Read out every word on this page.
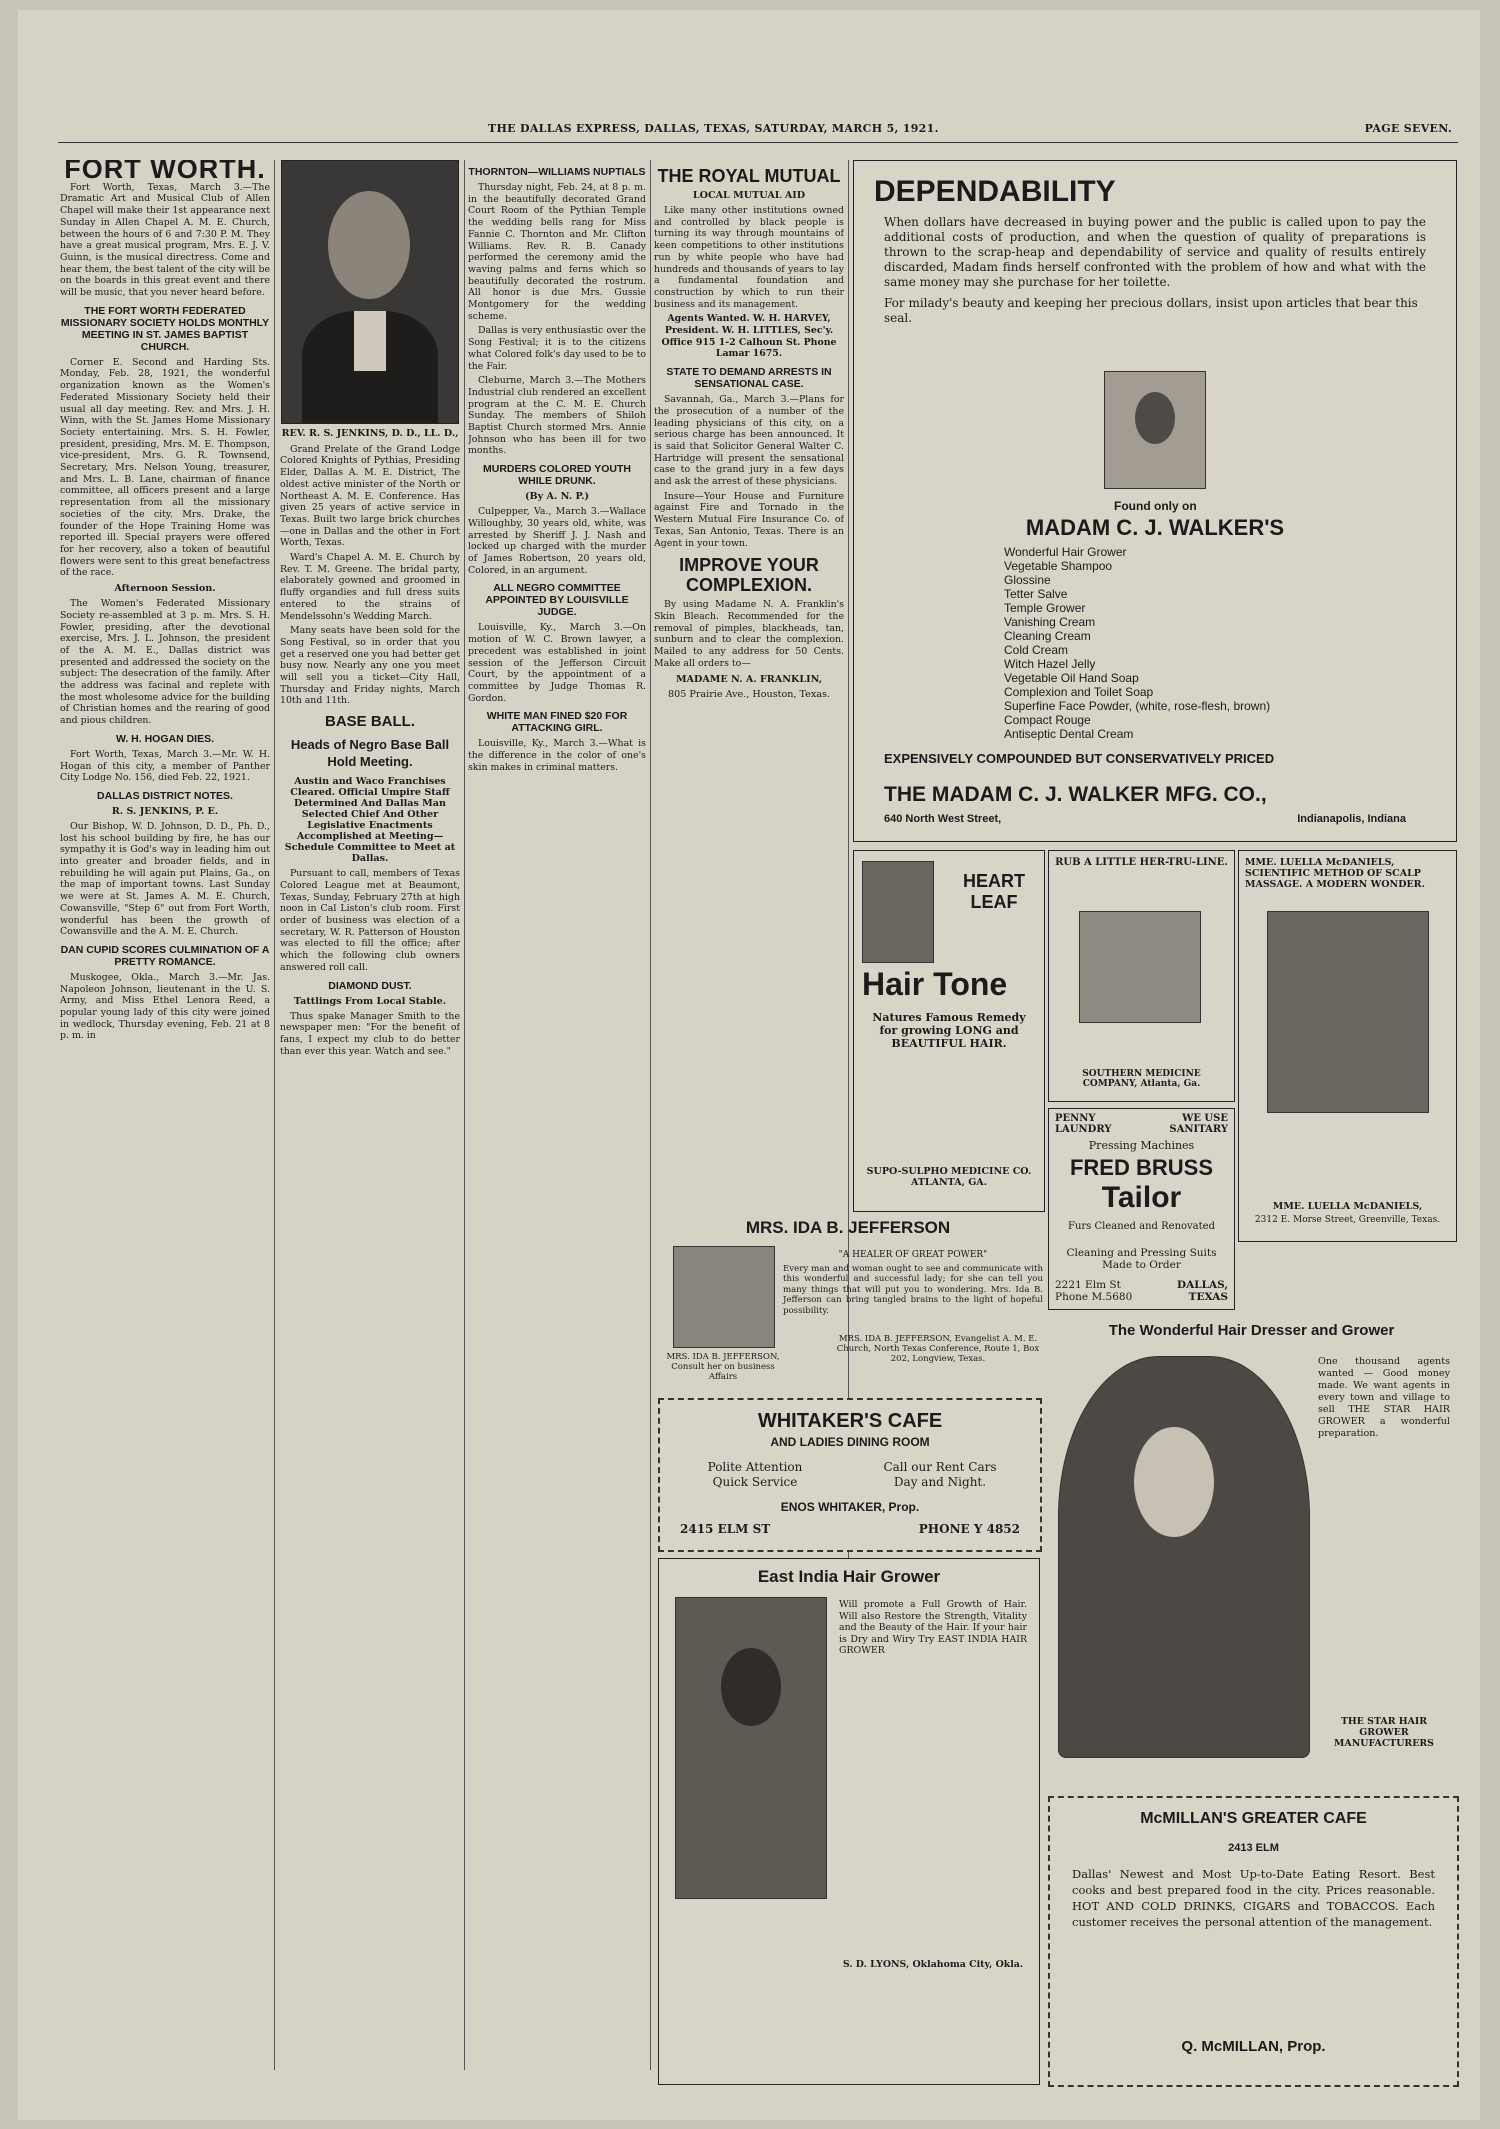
THE DALLAS EXPRESS, DALLAS, TEXAS, SATURDAY, MARCH 5, 1921.	PAGE SEVEN.
FORT WORTH.

Fort Worth, Texas, March 3.—The Dramatic Art and Musical Club of Allen Chapel will make their 1st appearance next Sunday in Allen Chapel A. M. E. Church, between the hours of 6 and 7:30 P. M. They have a great musical program, Mrs. E. J. V. Guinn, is the musical directress. Come and hear them, the best talent of the city will be on the boards in this great event and there will be music, that you never heard before.

THE FORT WORTH FEDERATED MISSIONARY SOCIETY HOLDS MONTHLY MEETING IN ST. JAMES BAPTIST CHURCH.

Corner E. Second and Harding Sts. Monday, Feb. 28, 1921, the wonderful organization known as the Women's Federated Missionary Society held their usual all day meeting. Rev. and Mrs. J. H. Winn, with the St. James Home Missionary Society entertaining. Mrs. S. H. Fowler, president, presiding, Mrs. M. E. Thompson, vice-president, Mrs. G. R. Townsend, Secretary, Mrs. Nelson Young, treasurer, and Mrs. L. B. Lane, chairman of finance committee, all officers present and a large representation from all the missionary societies of the city. Mrs. Drake, the founder of the Hope Training Home was reported ill. Special prayers were offered for her recovery, also a token of beautiful flowers were sent to this great benefactress of the race.

Afternoon Session.

The Women's Federated Missionary Society re-assembled at 3 p. m. Mrs. S. H. Fowler, presiding, after the devotional exercise, Mrs. J. L. Johnson, the president of the A. M. E., Dallas district was presented and addressed the society on the subject: The desecration of the family. After the address was facinal and replete with the most wholesome advice for the building of Christian homes and the rearing of good and pious children.

W. H. HOGAN DIES.

Fort Worth, Texas, March 3.—Mr. W. H. Hogan of this city, a member of Panther City Lodge No. 156, died Feb. 22, 1921.

DALLAS DISTRICT NOTES.
R. S. JENKINS, P. E.

Our Bishop, W. D. Johnson, D. D., Ph. D., lost his school building by fire, he has our sympathy it is God's way in leading him out into greater and broader fields, and in rebuilding he will again put Plains, Ga., on the map of important towns. Last Sunday we were at St. James A. M. E. Church, Cowansville, "Step 6" out from Fort Worth, wonderful has been the growth of Cowansville and the A. M. E. Church.

DAN CUPID SCORES CULMINATION OF A PRETTY ROMANCE.

Muskogee, Okla., March 3.—Mr. Jas. Napoleon Johnson, lieutenant in the U. S. Army, and Miss Ethel Lenora Reed, a popular young lady of this city were joined in wedlock, Thursday evening, Feb. 21 at 8 p. m. in

REV. R. S. JENKINS, D. D., LL. D.,

Grand Prelate of the Grand Lodge Colored Knights of Pythias, Presiding Elder, Dallas A. M. E. District, The oldest active minister of the North or Northeast A. M. E. Conference. Has given 25 years of active service in Texas. Built two large brick churches—one in Dallas and the other in Fort Worth, Texas.

Ward's Chapel A. M. E. Church by Rev. T. M. Greene. The bridal party, elaborately gowned and groomed in fluffy organdies and full dress suits entered to the strains of Mendelssohn's Wedding March.

Many seats have been sold for the Song Festival, so in order that you get a reserved one you had better get busy now. Nearly any one you meet will sell you a ticket—City Hall, Thursday and Friday nights, March 10th and 11th.

BASE BALL.
Heads of Negro Base Ball Hold Meeting.
Austin and Waco Franchises Cleared. Official Umpire Staff Determined And Dallas Man Selected Chief And Other Legislative Enactments Accomplished at Meeting—Schedule Committee to Meet at Dallas.

Pursuant to call, members of Texas Colored League met at Beaumont, Texas, Sunday, February 27th at high noon in Cal Liston's club room. First order of business was election of a secretary, W. R. Patterson of Houston was elected to fill the office; after which the following club owners answered roll call.

DIAMOND DUST.
Tattlings From Local Stable.

Thus spake Manager Smith to the newspaper men: "For the benefit of fans, I expect my club to do better than ever this year. Watch and see."

THORNTON—WILLIAMS NUPTIALS

Thursday night, Feb. 24, at 8 p. m. in the beautifully decorated Grand Court Room of the Pythian Temple the wedding bells rang for Miss Fannie C. Thornton and Mr. Clifton Williams. Rev. R. B. Canady performed the ceremony amid the waving palms and ferns which so beautifully decorated the rostrum. All honor is due Mrs. Gussie Montgomery for the wedding scheme.

Dallas is very enthusiastic over the Song Festival; it is to the citizens what Colored folk's day used to be to the Fair.

Cleburne, March 3.—The Mothers Industrial club rendered an excellent program at the C. M. E. Church Sunday. The members of Shiloh Baptist Church stormed Mrs. Annie Johnson who has been ill for two months.

MURDERS COLORED YOUTH WHILE DRUNK.
(By A. N. P.)

Culpepper, Va., March 3.—Wallace Willoughby, 30 years old, white, was arrested by Sheriff J. J. Nash and locked up charged with the murder of James Robertson, 20 years old, Colored, in an argument.

ALL NEGRO COMMITTEE APPOINTED BY LOUISVILLE JUDGE.

Louisville, Ky., March 3.—On motion of W. C. Brown lawyer, a precedent was established in joint session of the Jefferson Circuit Court, by the appointment of a committee by Judge Thomas R. Gordon.

WHITE MAN FINED $20 FOR ATTACKING GIRL.

Louisville, Ky., March 3.—What is the difference in the color of one's skin makes in criminal matters.

THE ROYAL MUTUAL
LOCAL MUTUAL AID

Like many other institutions owned and controlled by black people is turning its way through mountains of keen competitions to other institutions run by white people who have had hundreds and thousands of years to lay a fundamental foundation and construction by which to run their business and its management.

Agents Wanted. W. H. HARVEY, President. W. H. LITTLES, Sec'y. Office 915 1-2 Calhoun St. Phone Lamar 1675.

STATE TO DEMAND ARRESTS IN SENSATIONAL CASE.

Savannah, Ga., March 3.—Plans for the prosecution of a number of the leading physicians of this city, on a serious charge has been announced. It is said that Solicitor General Walter C. Hartridge will present the sensational case to the grand jury in a few days and ask the arrest of these physicians.

Insure—Your House and Furniture against Fire and Tornado in the Western Mutual Fire Insurance Co. of Texas, San Antonio, Texas. There is an Agent in your town.

IMPROVE YOUR COMPLEXION.

By using Madame N. A. Franklin's Skin Bleach. Recommended for the removal of pimples, blackheads, tan, sunburn and to clear the complexion. Mailed to any address for 50 Cents. Make all orders to—

MADAME N. A. FRANKLIN,
805 Prairie Ave., Houston, Texas.
DEPENDABILITY
When dollars have decreased in buying power and the public is called upon to pay the additional costs of production, and when the question of quality of preparations is thrown to the scrap-heap and dependability of service and quality of results entirely discarded, Madam finds herself confronted with the problem of how and what with the same money may she purchase for her toilette.
For milady's beauty and keeping her precious dollars, insist upon articles that bear this seal.
Found only on
MADAM C. J. WALKER'S
Wonderful Hair Grower
Vegetable Shampoo
Glossine
Tetter Salve
Temple Grower
Vanishing Cream
Cleaning Cream
Cold Cream
Witch Hazel Jelly
Vegetable Oil Hand Soap
Complexion and Toilet Soap
Superfine Face Powder, (white, rose-flesh, brown)
Compact Rouge
Antiseptic Dental Cream
EXPENSIVELY COMPOUNDED BUT CONSERVATIVELY PRICED
THE MADAM C. J. WALKER MFG. CO.,
640 North West Street,	Indianapolis, Indiana
HEART LEAF
Hair Tone
Natures Famous Remedy for growing LONG and BEAUTIFUL HAIR.
SUPO-SULPHO MEDICINE CO. ATLANTA, GA.
RUB A LITTLE HER-TRU-LINE.
SOUTHERN MEDICINE COMPANY, Atlanta, Ga.
MME. LUELLA McDANIELS, SCIENTIFIC METHOD OF SCALP MASSAGE. A MODERN WONDER.
MME. LUELLA McDANIELS,
2312 E. Morse Street, Greenville, Texas.
PENNY LAUNDRY
WE USE SANITARY
Pressing Machines
FRED BRUSS
Tailor
Furs Cleaned and Renovated
Cleaning and Pressing Suits Made to Order
2221 Elm St Phone M.5680
DALLAS, TEXAS
MRS. IDA B. JEFFERSON
"A HEALER OF GREAT POWER"
Every man and woman ought to see and communicate with this wonderful and successful lady; for she can tell you many things that will put you to wondering. Mrs. Ida B. Jefferson can bring tangled brains to the light of hopeful possibility.
MRS. IDA B. JEFFERSON, Consult her on business Affairs
MRS. IDA B. JEFFERSON, Evangelist A. M. E. Church, North Texas Conference, Route 1, Box 202, Longview, Texas.
WHITAKER'S CAFE
AND LADIES DINING ROOM
Polite Attention Quick Service
Call our Rent Cars Day and Night.
ENOS WHITAKER, Prop.
2415 ELM ST	PHONE Y 4852
East India Hair Grower
Will promote a Full Growth of Hair. Will also Restore the Strength, Vitality and the Beauty of the Hair. If your hair is Dry and Wiry Try EAST INDIA HAIR GROWER
S. D. LYONS, Oklahoma City, Okla.
The Wonderful Hair Dresser and Grower
One thousand agents wanted — Good money made. We want agents in every town and village to sell THE STAR HAIR GROWER a wonderful preparation.
THE STAR HAIR GROWER MANUFACTURERS
McMILLAN'S GREATER CAFE
2413 ELM
Dallas' Newest and Most Up-to-Date Eating Resort. Best cooks and best prepared food in the city. Prices reasonable. HOT AND COLD DRINKS, CIGARS and TOBACCOS. Each customer receives the personal attention of the management.
Q. McMILLAN, Prop.
